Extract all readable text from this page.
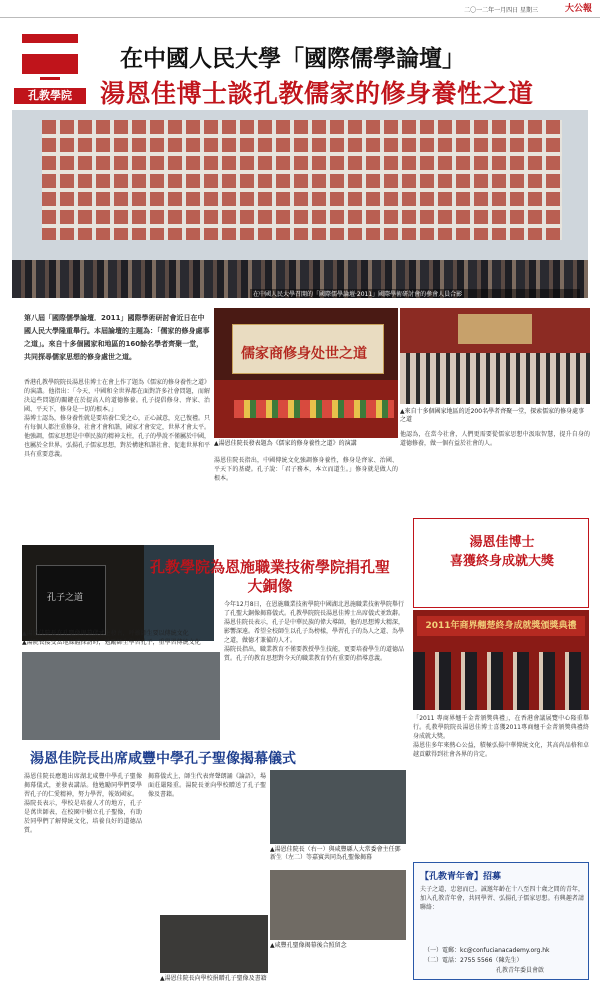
二〇一二年一月四日 星期三	大公報
孔教學院
在中國人民大學「國際儒學論壇」
湯恩佳博士談孔教儒家的修身養性之道
在中國人民大學召開的「國際儒學論壇·2011」國際學術研討會的參會人員合影
第八屆「國際儒學論壇．2011」國際學術研討會近日在中國人民大學隆重舉行。本屆論壇的主題為：「儒家的修身處事之道」。來自十多個國家和地區的160餘名學者齊聚一堂，共同探尋儒家思想的修身處世之道。

香港孔教學院院長湯恩佳博士在會上作了題為《儒家的修身養性之道》的演講。他指出：「今天，中國和全世界都在面對許多社會問題，而解決這些問題的關鍵在於提高人的道德修養。孔子提倡修身、齊家、治國、平天下，修身是一切的根本。」

湯博士認為，修身養性就是要培養仁愛之心，正心誠意，克己復禮。只有每個人都注重修身，社會才會和諧，國家才會安定，世界才會太平。

他強調，儒家思想是中華民族的精神支柱，孔子的學說不僅屬於中國，也屬於全世界。弘揚孔子儒家思想，對於構建和諧社會、促進世界和平具有重要意義。

儒家商修身处世之道
▲湯恩佳院長發表題為《儒家的修身養性之道》的演講
▲來自十多個國家地區的近200名學者齊聚一堂，探索儒家的修身處事之道

湯恩佳院長指出，中國傳統文化強調修身養性，修身是齊家、治國、平天下的基礎。孔子說：「君子務本，本立而道生。」修身就是做人的根本。

他認為，在當今社會，人們更需要從儒家思想中汲取智慧，提升自身的道德修養，做一個有益於社會的人。

孔子之道
孔教學院為恩施職業技術學院捐孔聖大銅像
▲湯恩佳院長在孔聖像揭幕儀式上發言，呼籲師生要以傳統文化
▲湯院長接受當地媒體採訪時，勉勵師生學習孔子，重學習傳統文化

今年12月8日，在恩施職業技術學院中國湖北恩施職業技術學院舉行了孔聖大銅像揭幕儀式。孔教學院院長湯恩佳博士出席儀式並致辭。

湯恩佳院長表示，孔子是中華民族的偉大導師，他的思想博大精深，影響深遠。希望全校師生以孔子為榜樣，學習孔子的為人之道、為學之道，做德才兼備的人才。

湯院長指出，職業教育不僅要教授學生技能，更要培養學生的道德品質。孔子的教育思想對今天的職業教育仍有重要的指導意義。

湯恩佳博士
喜獲終身成就大獎
2011年商界翹楚終身成就獎頒獎典禮

「2011 專商界翹千金菁頒獎典禮」，在香港會議展覽中心隆重舉行。孔教學院院長湯恩佳博士喜獲2011專商翹千金菁頒獎典禮終身成就大獎。

湯恩佳多年來熱心公益，積極弘揚中華傳統文化，其高尚品格和卓越貢獻得到社會各界的肯定。

湯恩佳院長出席咸豐中學孔子聖像揭幕儀式

湯恩佳院長應邀出席湖北咸豐中學孔子聖像揭幕儀式，並發表講話。他勉勵同學們要學習孔子的仁愛精神，努力學習，報效國家。

湯院長表示，學校是培養人才的地方，孔子是萬世師表，在校園中樹立孔子聖像，有助於同學們了解傳統文化，培養良好的道德品質。

揭幕儀式上，師生代表齊聲朗誦《論語》，場面莊嚴隆重。湯院長並向學校贈送了孔子聖像及書籍。

▲湯恩佳院長（右一）與咸豐縣人大常委會主任鄧新生（左二）等嘉賓共同為孔聖像揭幕
▲咸豐孔聖像揭幕後合照留念
▲湯恩佳院長向學校捐贈孔子聖像及書籍
【孔教青年會】招募

夫子之道，忠恕而已。誠邀年齡在十八至四十歲之間的青年，加入孔教青年會，共同學習、弘揚孔子儒家思想。有興趣者請聯絡：

（一）電郵：kc@confucianacademy.org.hk
（二）電話：2755 5566（陳先生）
孔教青年委員會啟
